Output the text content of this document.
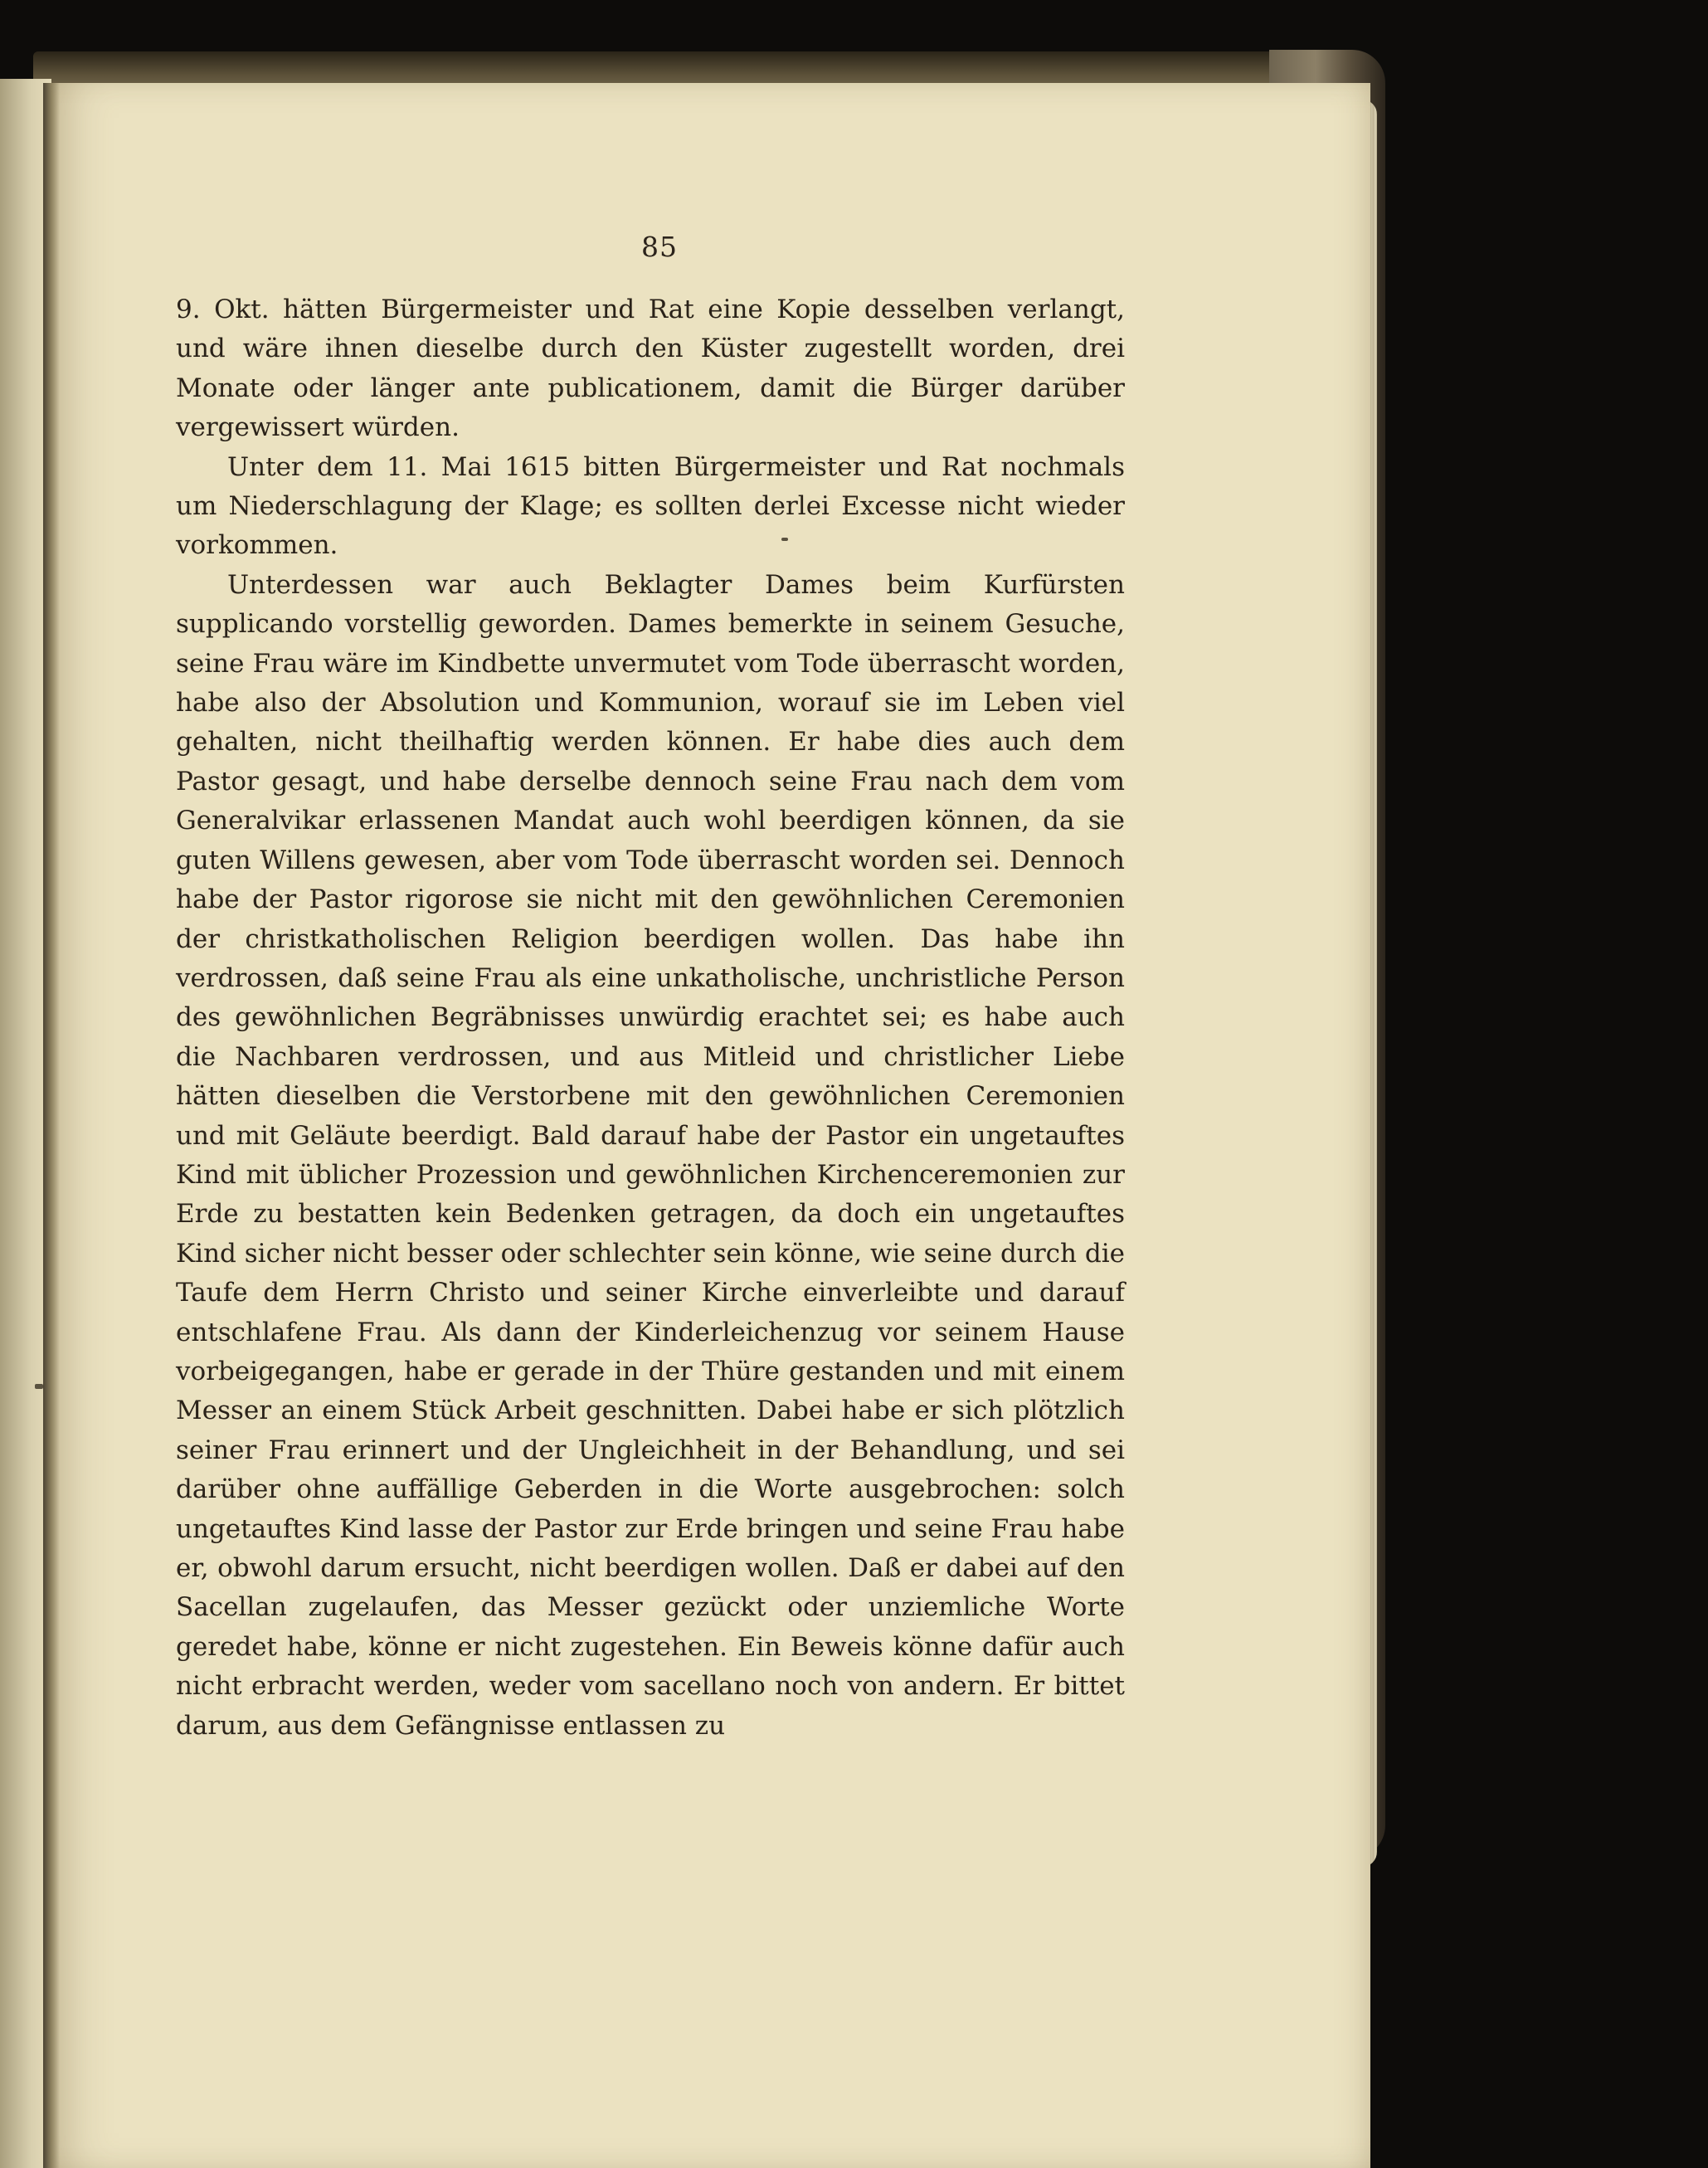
85

9. Okt. hätten Bürgermeister und Rat eine Kopie desselben verlangt, und wäre ihnen dieselbe durch den Küster zugestellt worden, drei Monate oder länger ante publicationem, damit die Bürger darüber vergewissert würden.

Unter dem 11. Mai 1615 bitten Bürgermeister und Rat nochmals um Niederschlagung der Klage; es sollten derlei Excesse nicht wieder vorkommen.

Unterdessen war auch Beklagter Dames beim Kurfürsten supplicando vorstellig geworden. Dames bemerkte in seinem Gesuche, seine Frau wäre im Kindbette unvermutet vom Tode überrascht worden, habe also der Absolution und Kommunion, worauf sie im Leben viel gehalten, nicht theilhaftig werden können. Er habe dies auch dem Pastor gesagt, und habe derselbe dennoch seine Frau nach dem vom Generalvikar erlassenen Mandat auch wohl beerdigen können, da sie guten Willens gewesen, aber vom Tode überrascht worden sei. Dennoch habe der Pastor rigorose sie nicht mit den gewöhnlichen Ceremonien der christkatholischen Religion beerdigen wollen. Das habe ihn verdrossen, daß seine Frau als eine unkatholische, unchristliche Person des gewöhnlichen Begräbnisses unwürdig erachtet sei; es habe auch die Nachbaren verdrossen, und aus Mitleid und christlicher Liebe hätten dieselben die Verstorbene mit den gewöhnlichen Ceremonien und mit Geläute beerdigt. Bald darauf habe der Pastor ein ungetauftes Kind mit üblicher Prozession und gewöhnlichen Kirchenceremonien zur Erde zu bestatten kein Bedenken getragen, da doch ein ungetauftes Kind sicher nicht besser oder schlechter sein könne, wie seine durch die Taufe dem Herrn Christo und seiner Kirche einverleibte und darauf entschlafene Frau. Als dann der Kinderleichenzug vor seinem Hause vorbeigegangen, habe er gerade in der Thüre gestanden und mit einem Messer an einem Stück Arbeit geschnitten. Dabei habe er sich plötzlich seiner Frau erinnert und der Ungleichheit in der Behandlung, und sei darüber ohne auffällige Geberden in die Worte ausgebrochen: solch ungetauftes Kind lasse der Pastor zur Erde bringen und seine Frau habe er, obwohl darum ersucht, nicht beerdigen wollen. Daß er dabei auf den Sacellan zugelaufen, das Messer gezückt oder unziemliche Worte geredet habe, könne er nicht zugestehen. Ein Beweis könne dafür auch nicht erbracht werden, weder vom sacellano noch von andern. Er bittet darum, aus dem Gefängnisse entlassen zu
